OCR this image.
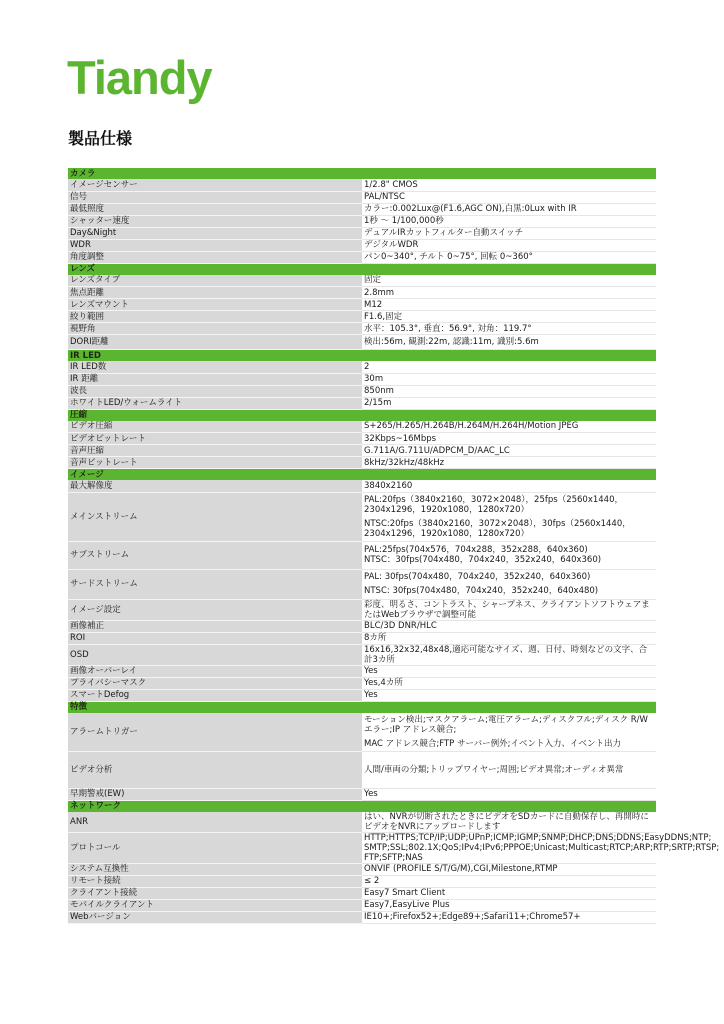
Tiandy
製品仕様
カメラ	
イメージセンサー	1/2.8" CMOS

信号	PAL/NTSC

最低照度	カラー:0.002Lux@(F1.6,AGC ON),白黒:0Lux with IR

シャッター速度	1秒 ～ 1/100,000秒

Day&Night	デュアルIRカットフィルター自動スイッチ

WDR	デジタルWDR

角度調整	パン0~340°, チルト 0~75°, 回転 0~360°

レンズ	
レンズタイプ	固定

焦点距離	2.8mm

レンズマウント	M12

絞り範囲	F1.6,固定

視野角	水平：105.3°, 垂直：56.9°, 対角：119.7°

DORI距離	検出:56m, 観測:22m, 認識:11m, 識別:5.6m

IR LED	
IR LED数	2

IR 距離	30m

波長	850nm

ホワイトLED/ウォームライト	2/15m

圧縮	
ビデオ圧縮	S+265/H.265/H.264B/H.264M/H.264H/Motion JPEG

ビデオビットレート	32Kbps~16Mbps

音声圧縮	G.711A/G.711U/ADPCM_D/AAC_LC

音声ビットレート	8kHz/32kHz/48kHz

イメージ	
最大解像度	3840x2160

メインストリーム	PAL:20fps（3840x2160，3072×2048），25fps（2560x1440，2304x1296，1920x1080，1280x720）
NTSC:20fps（3840x2160，3072×2048），30fps（2560x1440，2304x1296，1920x1080，1280x720）

サブストリーム	PAL:25fps(704x576，704x288，352x288，640x360)
NTSC：30fps(704x480，704x240，352x240，640x360)

サードストリーム	PAL: 30fps(704x480，704x240，352x240，640x360)
NTSC: 30fps(704x480，704x240，352x240，640x480)

イメージ設定	彩度、明るさ、コントラスト、シャープネス、クライアントソフトウェアまたはWebブラウザで調整可能

画像補正	BLC/3D DNR/HLC

ROI	8カ所

OSD	16x16,32x32,48x48,適応可能なサイズ、週、日付、時刻などの文字、合計3カ所

画像オーバーレイ	Yes

プライバシーマスク	Yes,4カ所

スマートDefog	Yes

特徴	
アラームトリガー	モーション検出;マスクアラーム;電圧アラーム;ディスクフル;ディスク R/W エラー;IP アドレス競合;
MAC アドレス競合;FTP サーバー例外;イベント入力、イベント出力

ビデオ分析	人間/車両の分類;トリップワイヤー;周囲;ビデオ異常;オーディオ異常

早期警戒(EW)	Yes

ネットワーク	
ANR	はい、NVRが切断されたときにビデオをSDカードに自動保存し、再開時にビデオをNVRにアップロードします

プロトコール	HTTP;HTTPS;TCP/IP;UDP;UPnP;ICMP;IGMP;SNMP;DHCP;DNS;DDNS;EasyDDNS;NTP;
SMTP;SSL;802.1X;QoS;IPv4;IPv6;PPPOE;Unicast;Multicast;RTCP;ARP;RTP;SRTP;RTSP; FTP;SFTP;NAS

システム互換性	ONVIF (PROFILE S/T/G/M),CGI,Milestone,RTMP

リモート接続	≤ 2

クライアント接続	Easy7 Smart Client

モバイルクライアント	Easy7,EasyLive Plus

Webバージョン	IE10+;Firefox52+;Edge89+;Safari11+;Chrome57+
